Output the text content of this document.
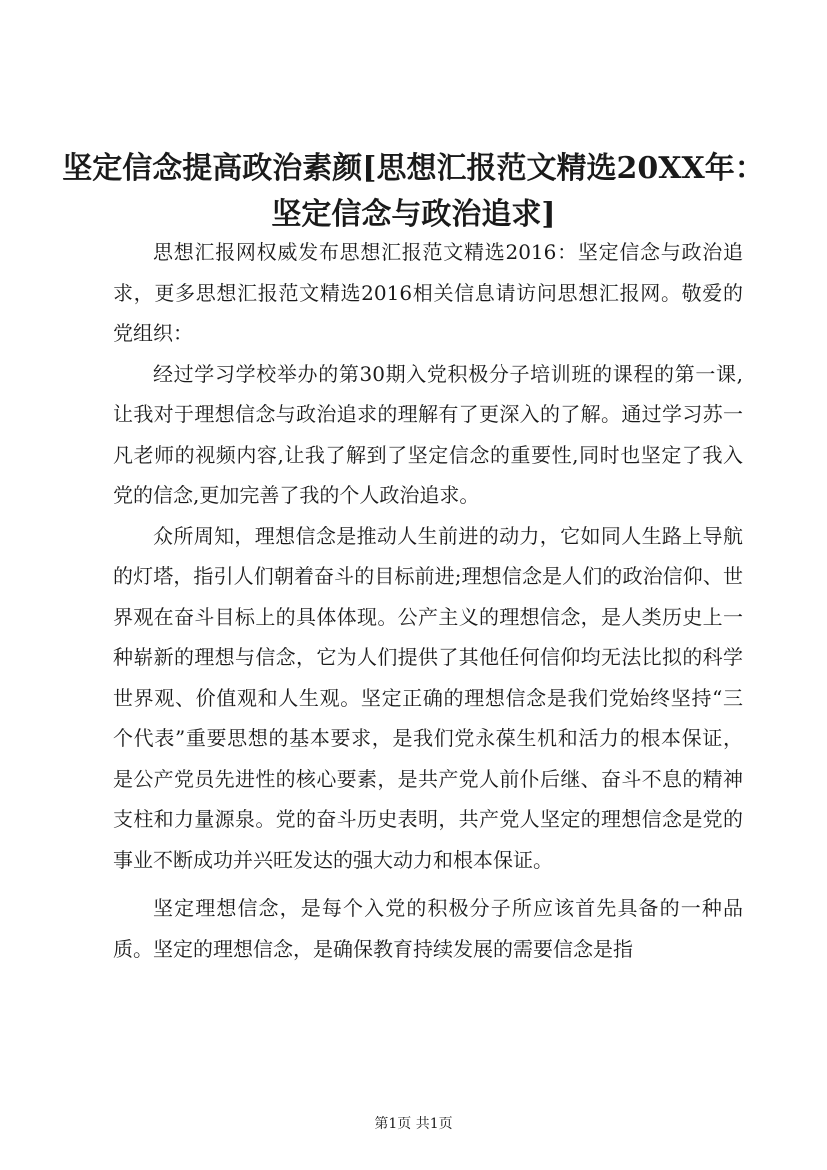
坚定信念提高政治素颜[思想汇报范文精选20XX年：坚定信念与政治追求]

思想汇报网权威发布思想汇报范文精选2016：坚定信念与政治追求，更多思想汇报范文精选2016相关信息请访问思想汇报网。敬爱的党组织：

经过学习学校举办的第30期入党积极分子培训班的课程的第一课,让我对于理想信念与政治追求的理解有了更深入的了解。通过学习苏一凡老师的视频内容,让我了解到了坚定信念的重要性,同时也坚定了我入党的信念,更加完善了我的个人政治追求。

众所周知，理想信念是推动人生前进的动力，它如同人生路上导航的灯塔，指引人们朝着奋斗的目标前进;理想信念是人们的政治信仰、世界观在奋斗目标上的具体体现。公产主义的理想信念，是人类历史上一种崭新的理想与信念，它为人们提供了其他任何信仰均无法比拟的科学世界观、价值观和人生观。坚定正确的理想信念是我们党始终坚持“三个代表”重要思想的基本要求，是我们党永葆生机和活力的根本保证，是公产党员先进性的核心要素，是共产党人前仆后继、奋斗不息的精神支柱和力量源泉。党的奋斗历史表明，共产党人坚定的理想信念是党的事业不断成功并兴旺发达的强大动力和根本保证。

坚定理想信念，是每个入党的积极分子所应该首先具备的一种品质。坚定的理想信念，是确保教育持续发展的需要信念是指

第1页 共1页
